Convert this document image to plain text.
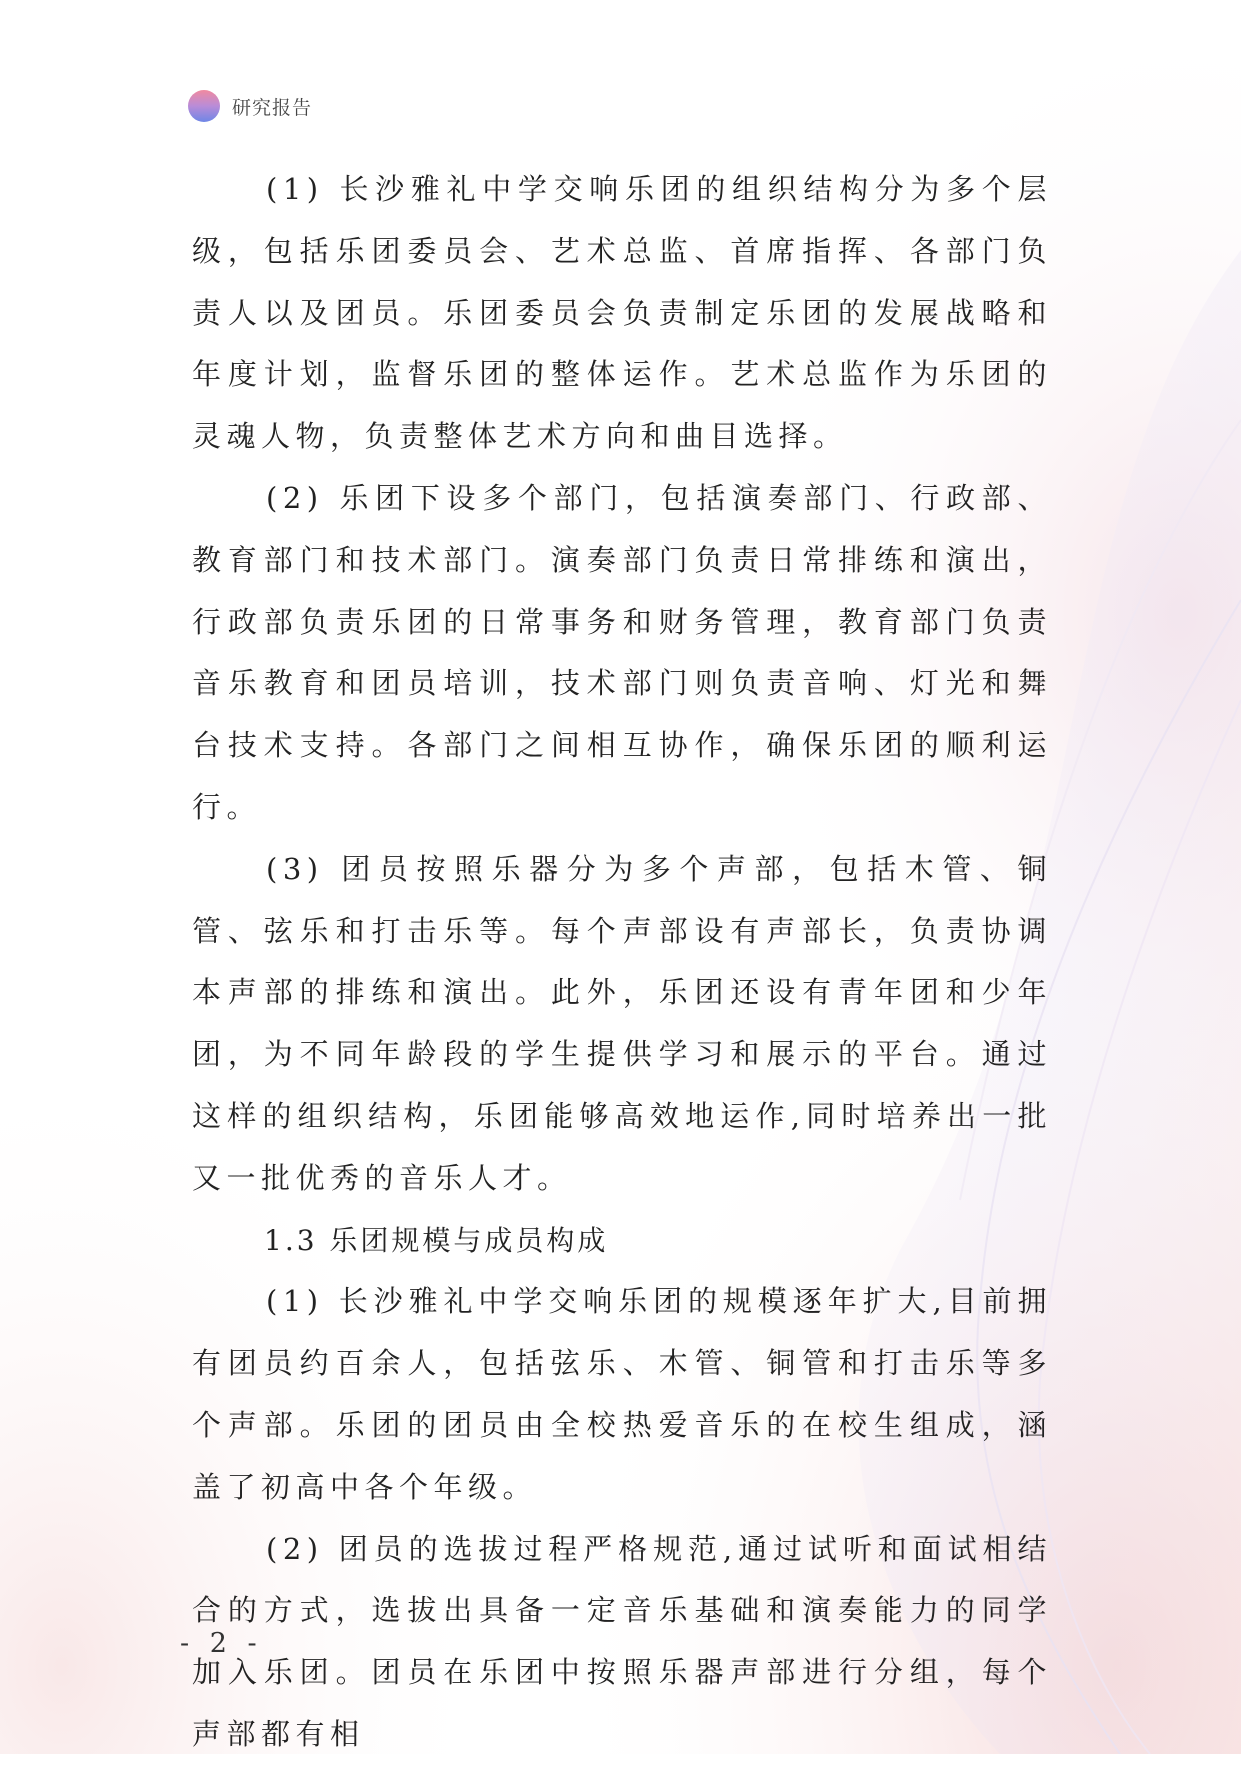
研究报告

(1) 长沙雅礼中学交响乐团的组织结构分为多个层级，包括乐团委员会、艺术总监、首席指挥、各部门负责人以及团员。乐团委员会负责制定乐团的发展战略和年度计划，监督乐团的整体运作。艺术总监作为乐团的灵魂人物，负责整体艺术方向和曲目选择。

(2) 乐团下设多个部门，包括演奏部门、行政部、教育部门和技术部门。演奏部门负责日常排练和演出，行政部负责乐团的日常事务和财务管理，教育部门负责音乐教育和团员培训，技术部门则负责音响、灯光和舞台技术支持。各部门之间相互协作，确保乐团的顺利运行。

(3) 团员按照乐器分为多个声部，包括木管、铜管、弦乐和打击乐等。每个声部设有声部长，负责协调本声部的排练和演出。此外，乐团还设有青年团和少年团，为不同年龄段的学生提供学习和展示的平台。通过这样的组织结构，乐团能够高效地运作,同时培养出一批又一批优秀的音乐人才。

1.3 乐团规模与成员构成

(1) 长沙雅礼中学交响乐团的规模逐年扩大,目前拥有团员约百余人，包括弦乐、木管、铜管和打击乐等多个声部。乐团的团员由全校热爱音乐的在校生组成，涵盖了初高中各个年级。

(2) 团员的选拔过程严格规范,通过试听和面试相结合的方式，选拔出具备一定音乐基础和演奏能力的同学加入乐团。团员在乐团中按照乐器声部进行分组，每个声部都有相

- 2 -
